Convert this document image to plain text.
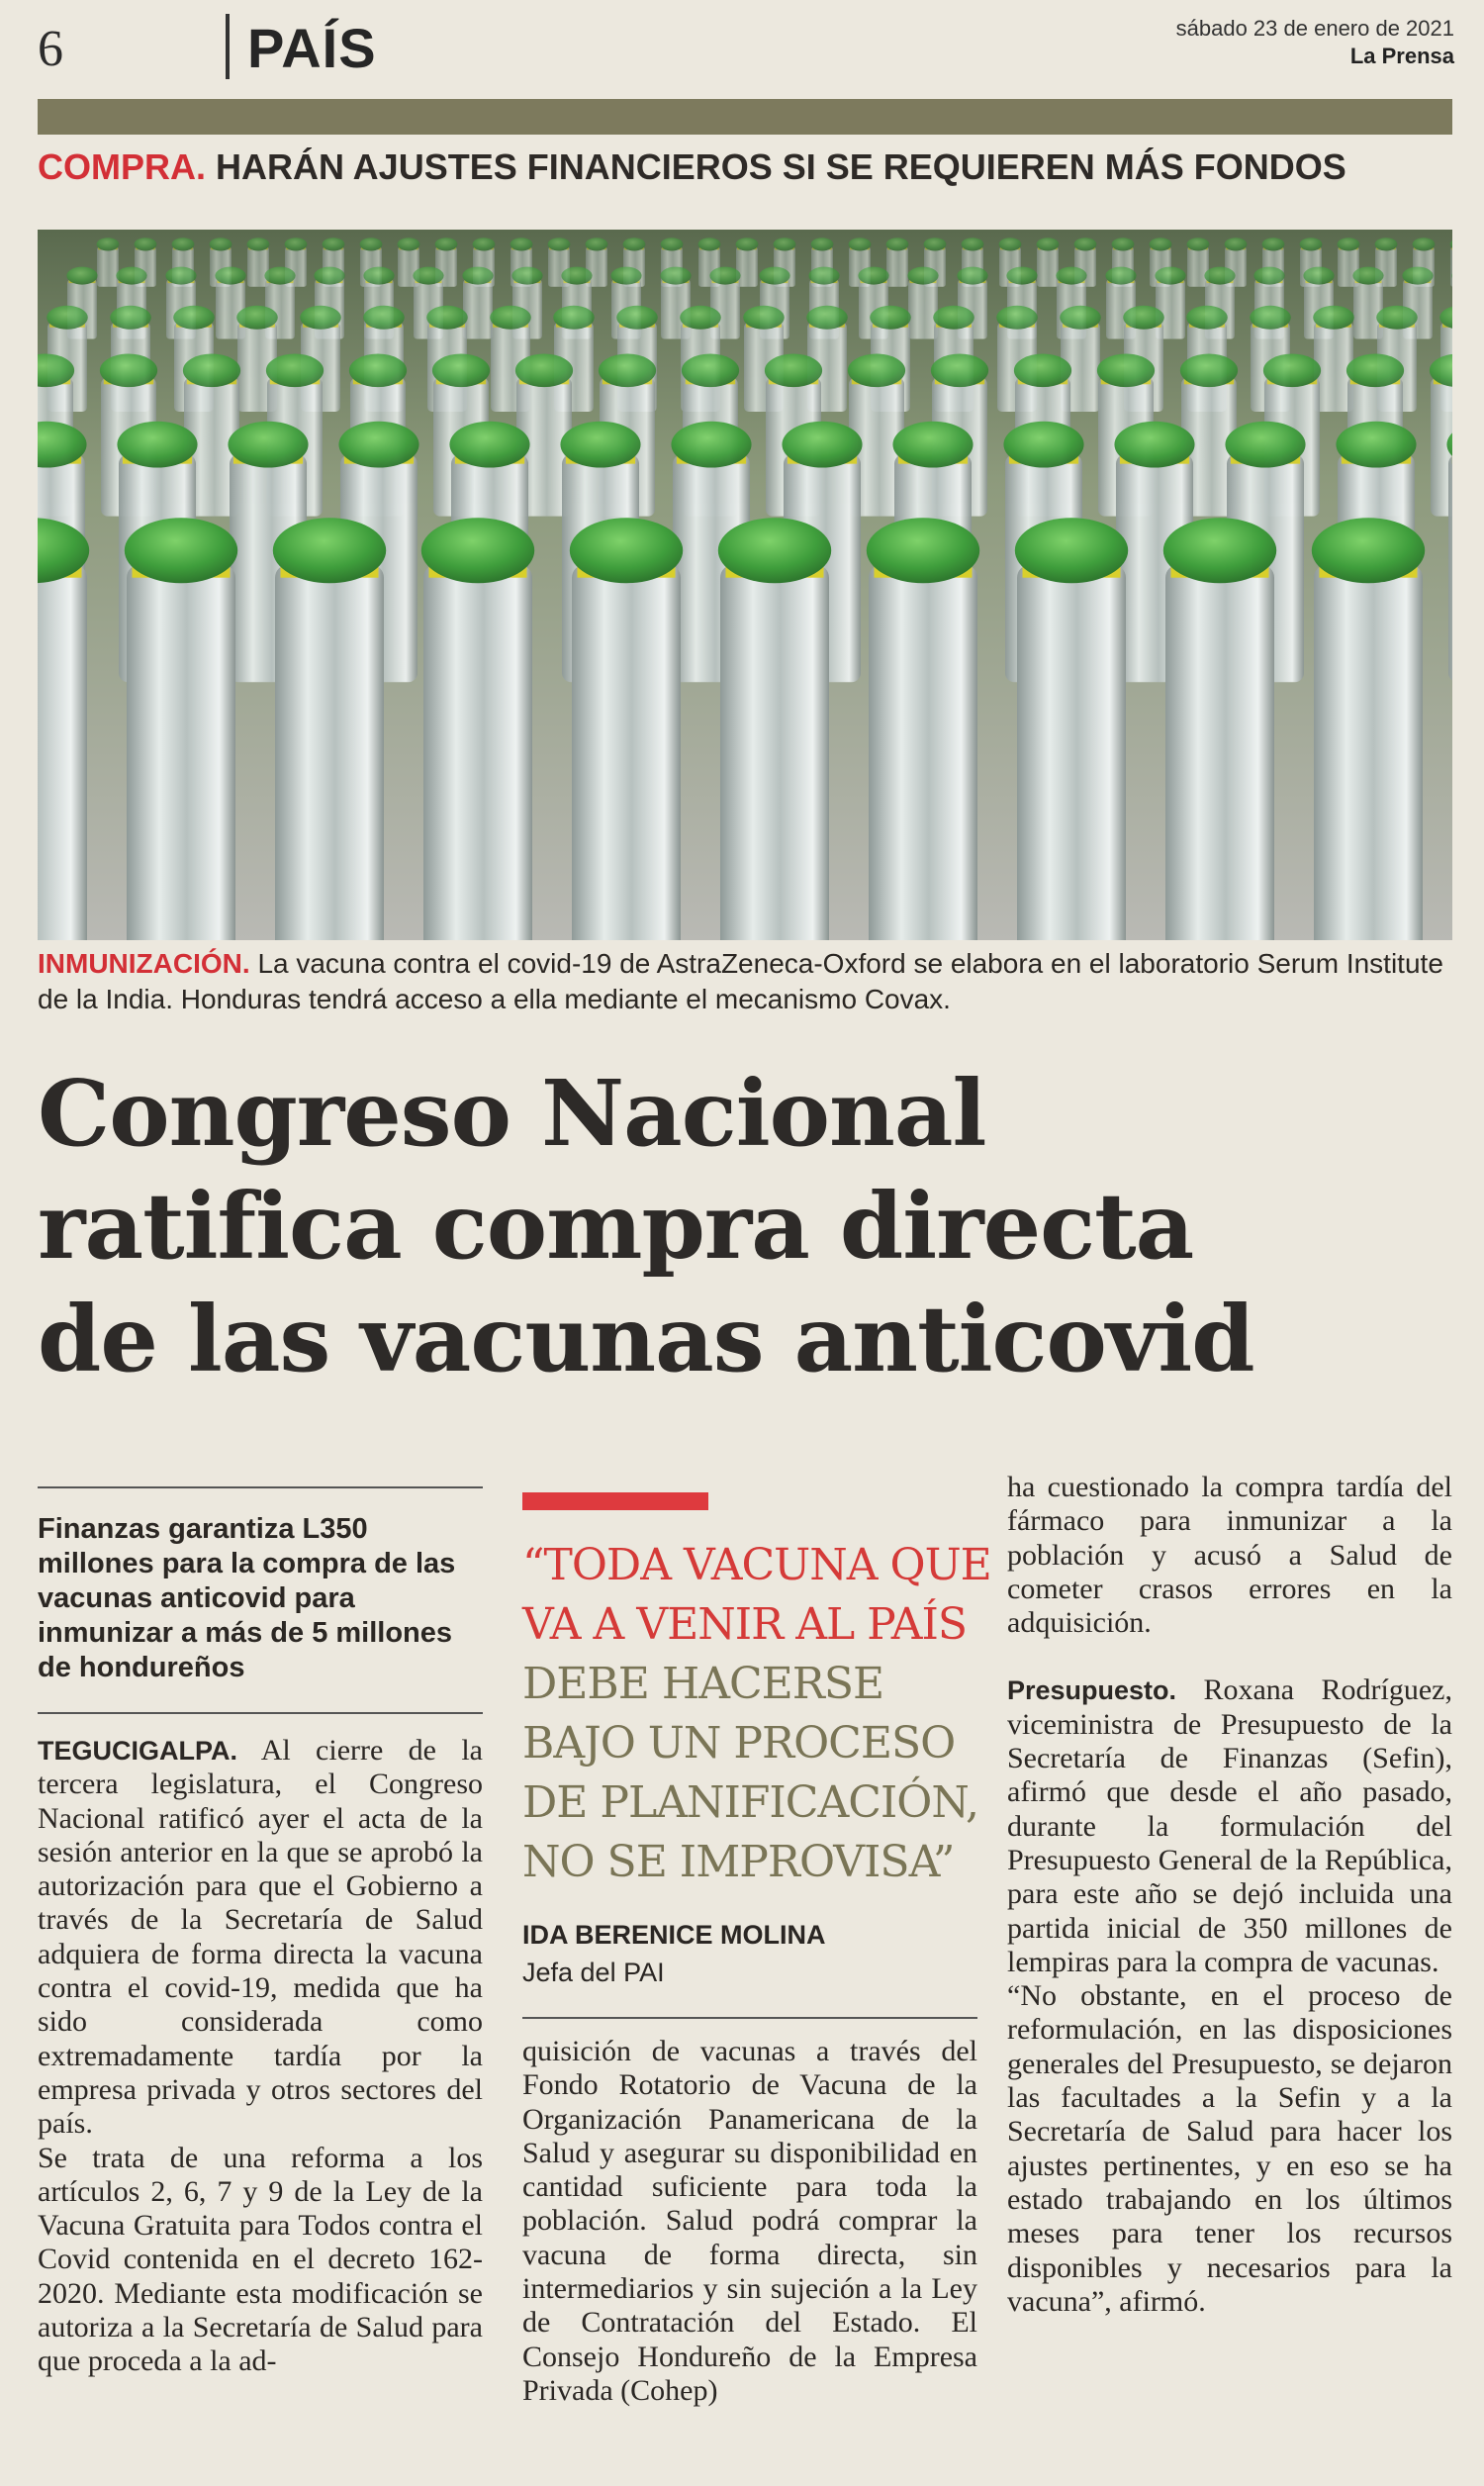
6	PAÍS	sábado 23 de enero de 2021
La Prensa
COMPRA. HARÁN AJUSTES FINANCIEROS SI SE REQUIEREN MÁS FONDOS
INMUNIZACIÓN. La vacuna contra el covid-19 de AstraZeneca-Oxford se elabora en el laboratorio Serum Institute de la India. Honduras tendrá acceso a ella mediante el mecanismo Covax.
Congreso Nacional
ratifica compra directa
de las vacunas anticovid
Finanzas garantiza L350 millones para la compra de las vacunas anticovid para inmunizar a más de 5 millones de hondureños

TEGUCIGALPA. Al cierre de la tercera legislatura, el Congreso Nacional ratificó ayer el acta de la sesión anterior en la que se aprobó la autorización para que el Gobierno a través de la Secretaría de Salud adquiera de forma directa la vacuna contra el covid-19, medida que ha sido considerada como extremadamente tardía por la empresa privada y otros sectores del país.

Se trata de una reforma a los artículos 2, 6, 7 y 9 de la Ley de la Vacuna Gratuita para Todos contra el Covid contenida en el decreto 162-2020. Mediante esta modificación se autoriza a la Secretaría de Salud para que proceda a la ad-

“TODA VACUNA QUE
VA A VENIR AL PAÍS
DEBE HACERSE
BAJO UN PROCESO
DE PLANIFICACIÓN,
NO SE IMPROVISA”
IDA BERENICE MOLINA
Jefa del PAI

quisición de vacunas a través del Fondo Rotatorio de Vacuna de la Organización Panamericana de la Salud y asegurar su disponibilidad en cantidad suficiente para toda la población. Salud podrá comprar la vacuna de forma directa, sin intermediarios y sin sujeción a la Ley de Contratación del Estado. El Consejo Hondureño de la Empresa Privada (Cohep)

ha cuestionado la compra tardía del fármaco para inmunizar a la población y acusó a Salud de cometer crasos errores en la adquisición.

Presupuesto. Roxana Rodríguez, viceministra de Presupuesto de la Secretaría de Finanzas (Sefin), afirmó que desde el año pasado, durante la formulación del Presupuesto General de la República, para este año se dejó incluida una partida inicial de 350 millones de lempiras para la compra de vacunas.

“No obstante, en el proceso de reformulación, en las disposiciones generales del Presupuesto, se dejaron las facultades a la Sefin y a la Secretaría de Salud para hacer los ajustes pertinentes, y en eso se ha estado trabajando en los últimos meses para tener los recursos disponibles y necesarios para la vacuna”, afirmó.
